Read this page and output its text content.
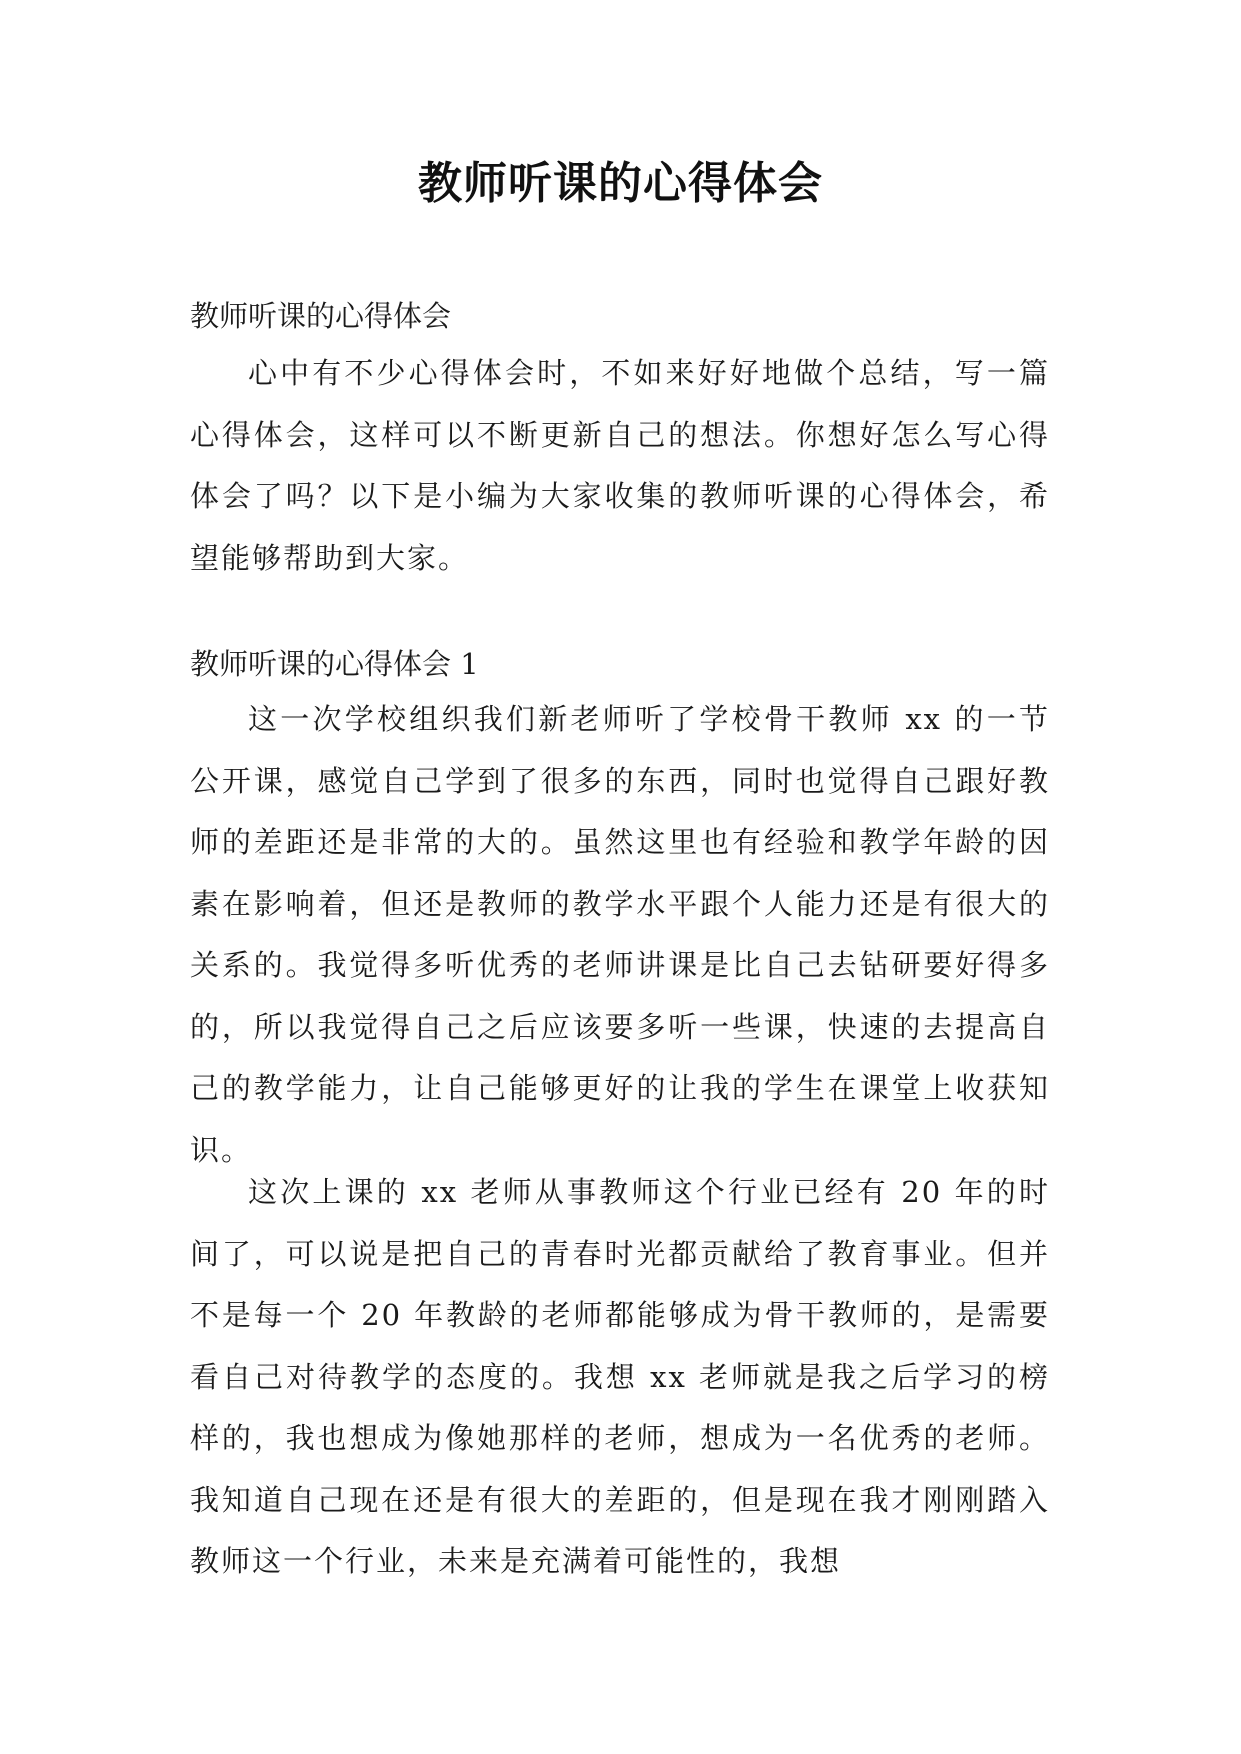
教师听课的心得体会

教师听课的心得体会

心中有不少心得体会时，不如来好好地做个总结，写一篇心得体会，这样可以不断更新自己的想法。你想好怎么写心得体会了吗？以下是小编为大家收集的教师听课的心得体会，希望能够帮助到大家。

教师听课的心得体会 1

这一次学校组织我们新老师听了学校骨干教师 xx 的一节公开课，感觉自己学到了很多的东西，同时也觉得自己跟好教师的差距还是非常的大的。虽然这里也有经验和教学年龄的因素在影响着，但还是教师的教学水平跟个人能力还是有很大的关系的。我觉得多听优秀的老师讲课是比自己去钻研要好得多的，所以我觉得自己之后应该要多听一些课，快速的去提高自己的教学能力，让自己能够更好的让我的学生在课堂上收获知识。

这次上课的 xx 老师从事教师这个行业已经有 20 年的时间了，可以说是把自己的青春时光都贡献给了教育事业。但并不是每一个 20 年教龄的老师都能够成为骨干教师的，是需要看自己对待教学的态度的。我想 xx 老师就是我之后学习的榜样的，我也想成为像她那样的老师，想成为一名优秀的老师。我知道自己现在还是有很大的差距的，但是现在我才刚刚踏入教师这一个行业，未来是充满着可能性的，我想
